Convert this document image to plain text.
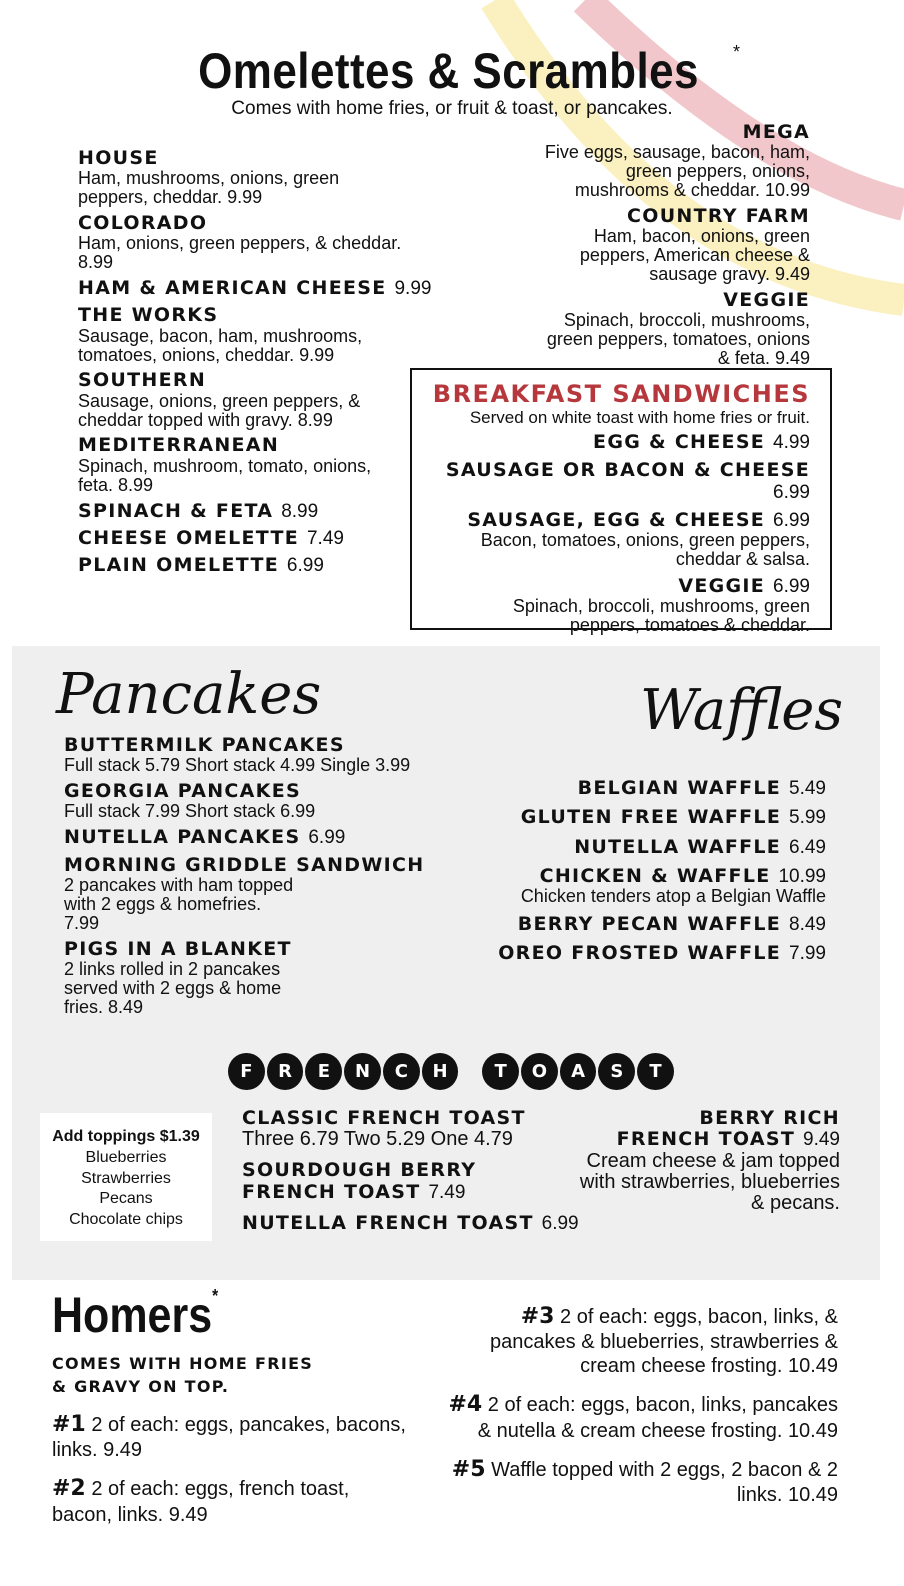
Omelettes & Scrambles *
Comes with home fries, or fruit & toast, or pancakes.
HOUSE
Ham, mushrooms, onions, green peppers, cheddar. 9.99
COLORADO
Ham, onions, green peppers, & cheddar. 8.99
HAM & AMERICAN CHEESE 9.99
THE WORKS
Sausage, bacon, ham, mushrooms, tomatoes, onions, cheddar. 9.99
SOUTHERN
Sausage, onions, green peppers, & cheddar topped with gravy. 8.99
MEDITERRANEAN
Spinach, mushroom, tomato, onions, feta. 8.99
SPINACH & FETA 8.99
CHEESE OMELETTE 7.49
PLAIN OMELETTE 6.99
MEGA
Five eggs, sausage, bacon, ham, green peppers, onions, mushrooms & cheddar. 10.99
COUNTRY FARM
Ham, bacon, onions, green peppers, American cheese & sausage gravy. 9.49
VEGGIE
Spinach, broccoli, mushrooms, green peppers, tomatoes, onions & feta. 9.49
BREAKFAST SANDWICHES
Served on white toast with home fries or fruit.
EGG & CHEESE 4.99
SAUSAGE OR BACON & CHEESE 6.99
SAUSAGE, EGG & CHEESE 6.99
Bacon, tomatoes, onions, green peppers, cheddar & salsa.
VEGGIE 6.99
Spinach, broccoli, mushrooms, green peppers, tomatoes & cheddar.
Pancakes	Waffles
BUTTERMILK PANCAKES
Full stack 5.79 Short stack 4.99 Single 3.99
GEORGIA PANCAKES
Full stack 7.99 Short stack 6.99
NUTELLA PANCAKES 6.99
MORNING GRIDDLE SANDWICH
2 pancakes with ham topped with 2 eggs & homefries. 7.99
PIGS IN A BLANKET
2 links rolled in 2 pancakes served with 2 eggs & home fries. 8.49
BELGIAN WAFFLE 5.49
GLUTEN FREE WAFFLE 5.99
NUTELLA WAFFLE 6.49
CHICKEN & WAFFLE 10.99
Chicken tenders atop a Belgian Waffle
BERRY PECAN WAFFLE 8.49
OREO FROSTED WAFFLE 7.99
F	R	E	N	C	H	T	O	A	S	T
Add toppings $1.39
Blueberries
Strawberries
Pecans
Chocolate chips
CLASSIC FRENCH TOAST
Three 6.79 Two 5.29 One 4.79
SOURDOUGH BERRY FRENCH TOAST 7.49
NUTELLA FRENCH TOAST 6.99
BERRY RICH
FRENCH TOAST 9.49
Cream cheese & jam topped with strawberries, blueberries & pecans.
Homers*
COMES WITH HOME FRIES
& GRAVY ON TOP.
#1 2 of each: eggs, pancakes, bacons, links. 9.49
#2 2 of each: eggs, french toast, bacon, links. 9.49
#3 2 of each: eggs, bacon, links, & pancakes & blueberries, strawberries & cream cheese frosting. 10.49
#4 2 of each: eggs, bacon, links, pancakes & nutella & cream cheese frosting. 10.49
#5 Waffle topped with 2 eggs, 2 bacon & 2 links. 10.49
